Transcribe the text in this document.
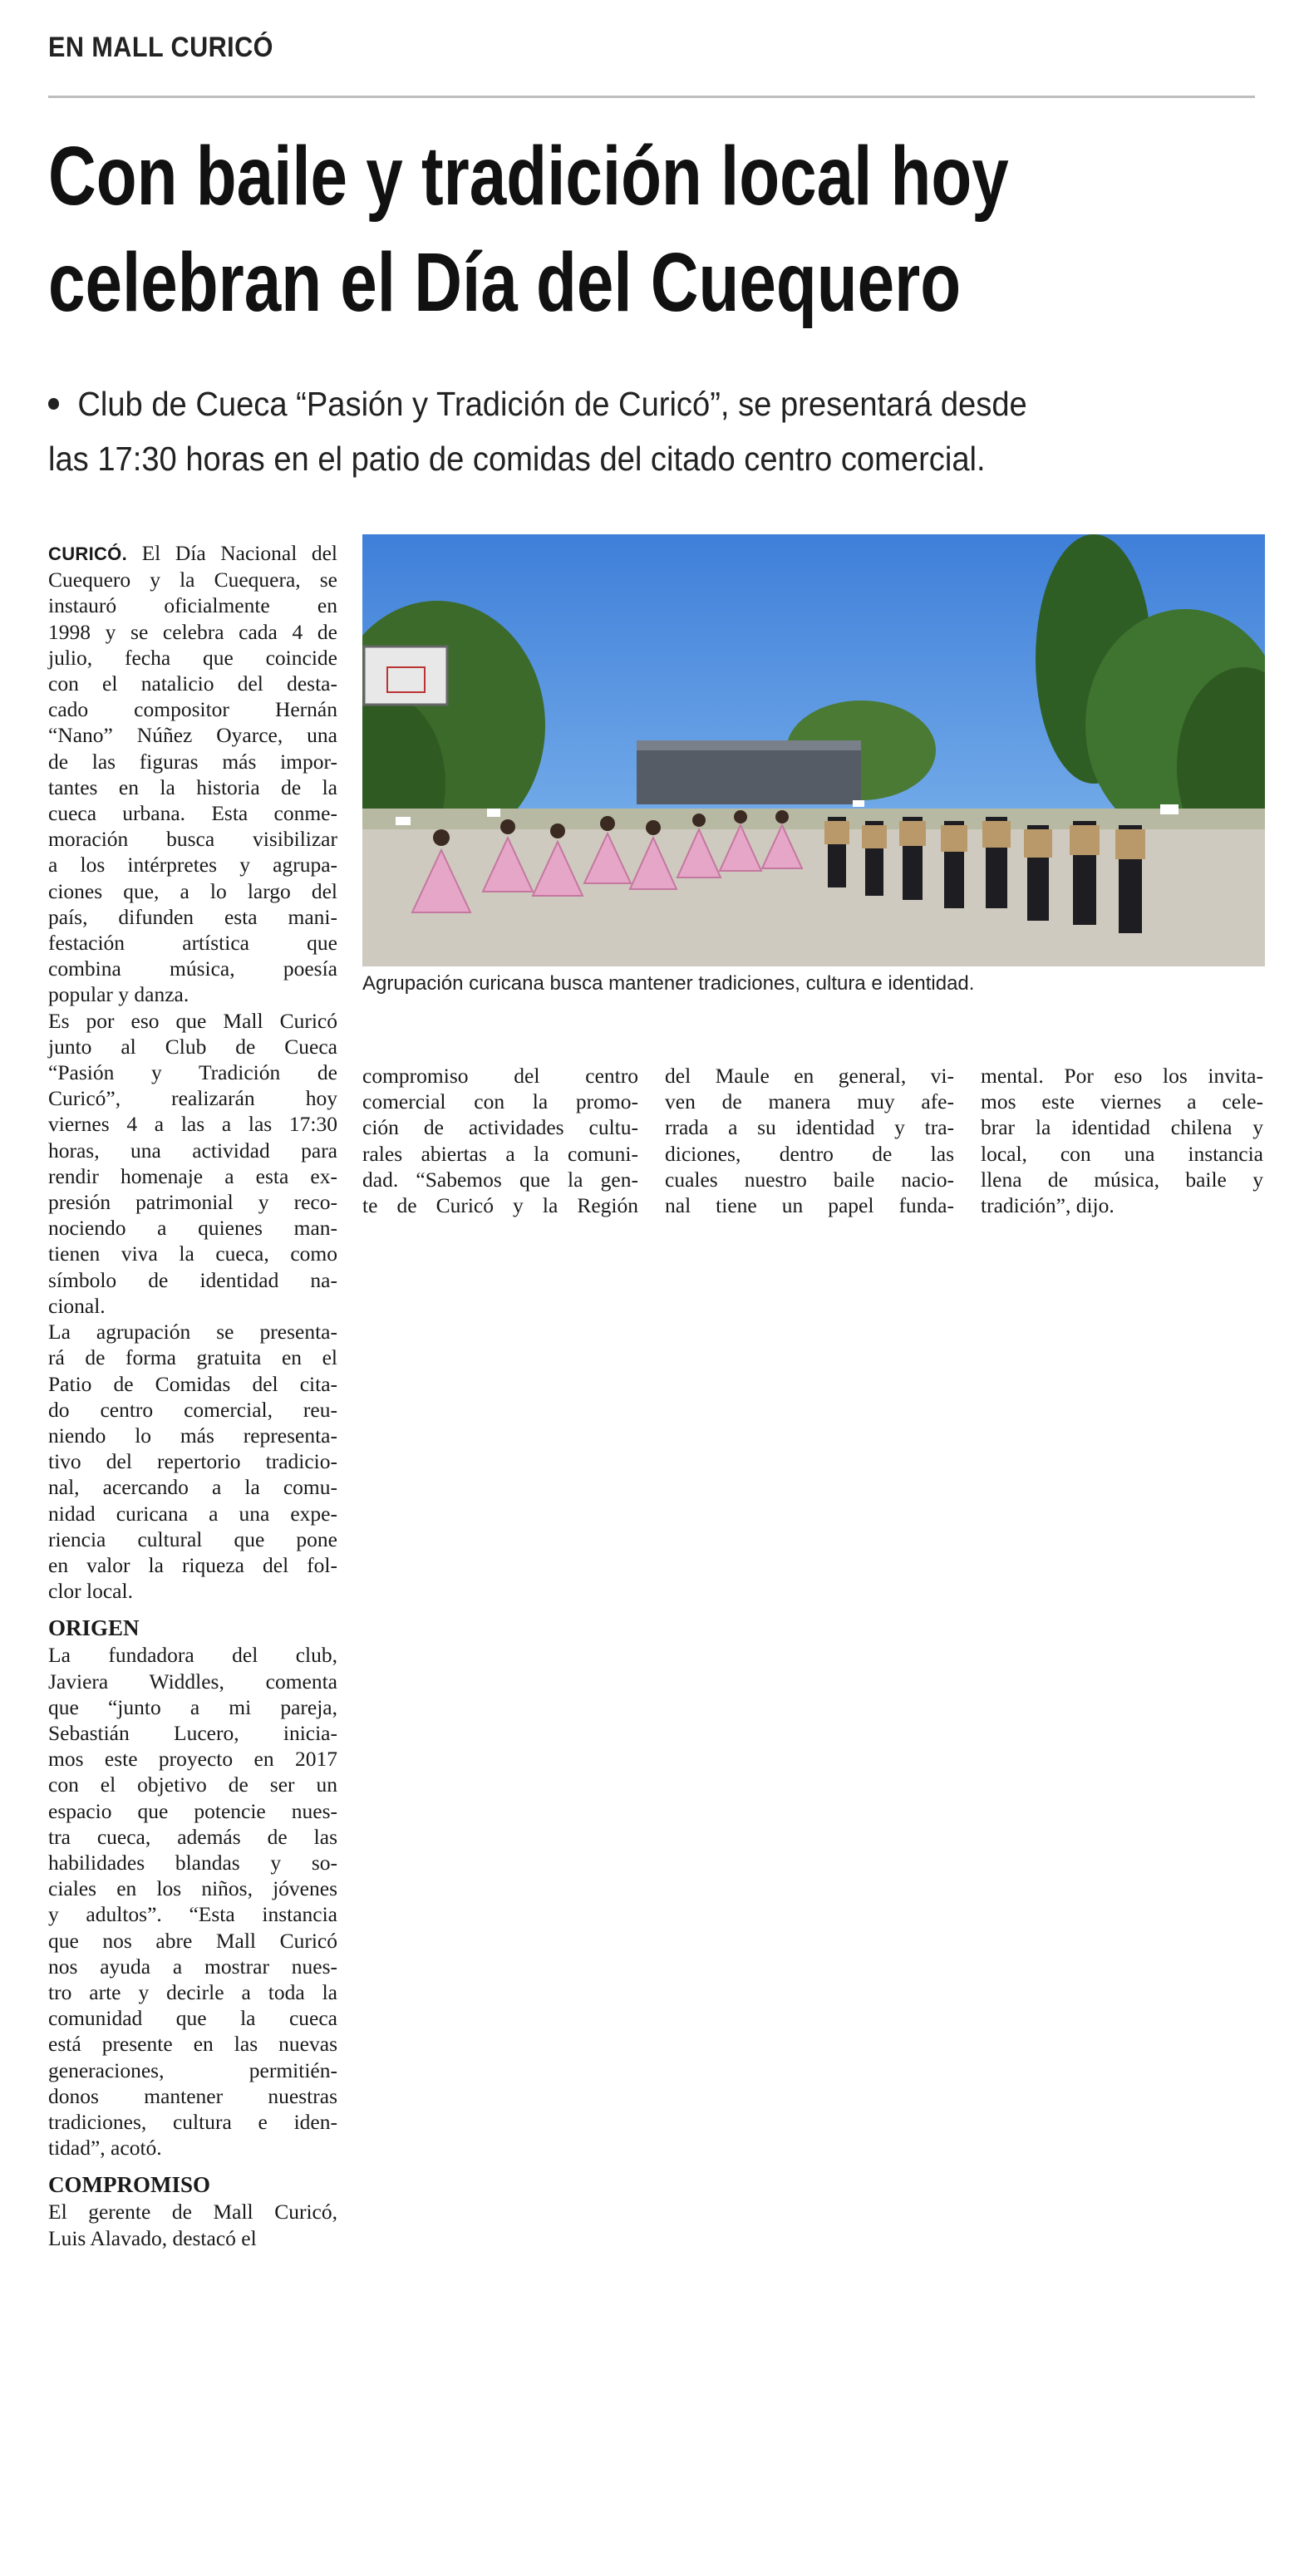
EN MALL CURICÓ
Con baile y tradición local hoy
celebran el Día del Cuequero
Club de Cueca “Pasión y Tradición de Curicó”, se presentará desde
las 17:30 horas en el patio de comidas del citado centro comercial.
CURICÓ. El Día Nacional del
Cuequero y la Cuequera, se
instauró oficialmente en
1998 y se celebra cada 4 de
julio, fecha que coincide
con el natalicio del desta-
cado compositor Hernán
“Nano” Núñez Oyarce, una
de las figuras más impor-
tantes en la historia de la
cueca urbana. Esta conme-
moración busca visibilizar
a los intérpretes y agrupa-
ciones que, a lo largo del
país, difunden esta mani-
festación artística que
combina música, poesía
popular y danza.
Es por eso que Mall Curicó
junto al Club de Cueca
“Pasión y Tradición de
Curicó”, realizarán hoy
viernes 4 a las a las 17:30
horas, una actividad para
rendir homenaje a esta ex-
presión patrimonial y reco-
nociendo a quienes man-
tienen viva la cueca, como
símbolo de identidad na-
cional.
La agrupación se presenta-
rá de forma gratuita en el
Patio de Comidas del cita-
do centro comercial, reu-
niendo lo más representa-
tivo del repertorio tradicio-
nal, acercando a la comu-
nidad curicana a una expe-
riencia cultural que pone
en valor la riqueza del fol-
clor local.
ORIGEN
La fundadora del club,
Javiera Widdles, comenta
que “junto a mi pareja,
Sebastián Lucero, inicia-
mos este proyecto en 2017
con el objetivo de ser un
espacio que potencie nues-
tra cueca, además de las
habilidades blandas y so-
ciales en los niños, jóvenes
y adultos”. “Esta instancia
que nos abre Mall Curicó
nos ayuda a mostrar nues-
tro arte y decirle a toda la
comunidad que la cueca
está presente en las nuevas
generaciones, permitién-
donos mantener nuestras
tradiciones, cultura e iden-
tidad”, acotó.
COMPROMISO
El gerente de Mall Curicó,
Luis Alavado, destacó el
Agrupación curicana busca mantener tradiciones, cultura e identidad.
compromiso del centro
comercial con la promo-
ción de actividades cultu-
rales abiertas a la comuni-
dad. “Sabemos que la gen-
te de Curicó y la Región
del Maule en general, vi-
ven de manera muy afe-
rrada a su identidad y tra-
diciones, dentro de las
cuales nuestro baile nacio-
nal tiene un papel funda-
mental. Por eso los invita-
mos este viernes a cele-
brar la identidad chilena y
local, con una instancia
llena de música, baile y
tradición”, dijo.
